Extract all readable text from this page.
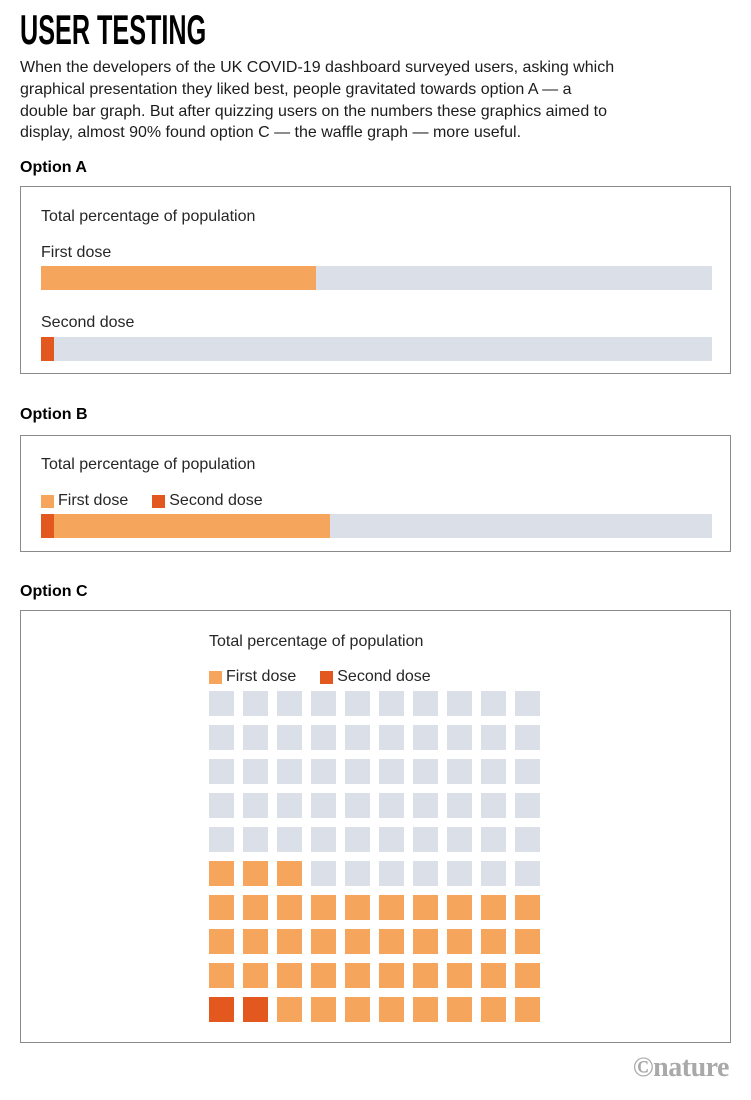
USER TESTING
When the developers of the UK COVID-19 dashboard surveyed users, asking which
graphical presentation they liked best, people gravitated towards option A — a
double bar graph. But after quizzing users on the numbers these graphics aimed to
display, almost 90% found option C — the waffle graph — more useful.
Option A
Total percentage of population
First dose
Second dose
Option B
Total percentage of population
First dose	Second dose
Option C
Total percentage of population
First dose	Second dose
©nature
